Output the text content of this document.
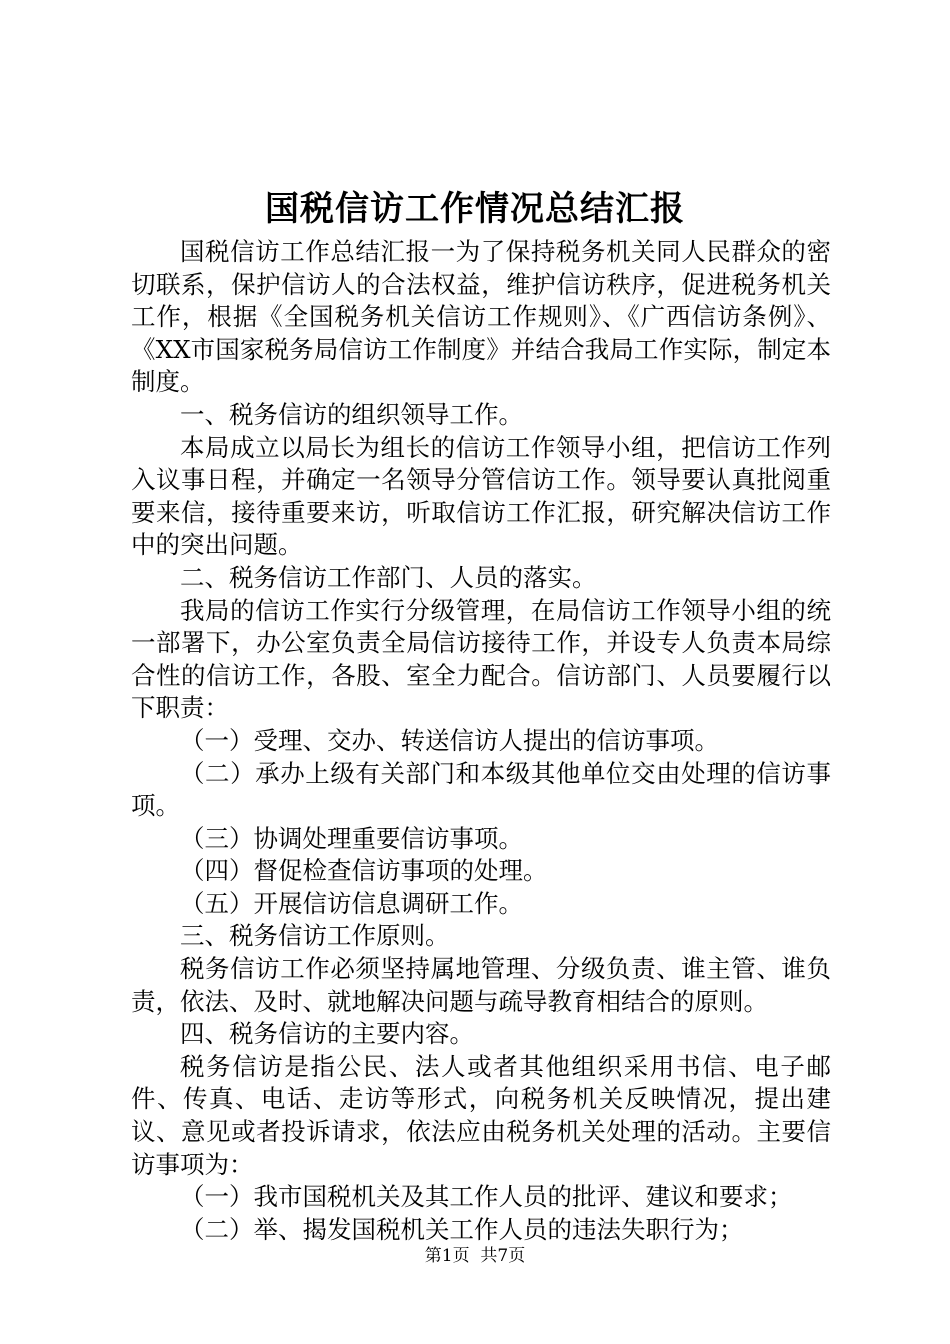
国税信访工作情况总结汇报

国税信访工作总结汇报一为了保持税务机关同人民群众的密切联系，保护信访人的合法权益，维护信访秩序，促进税务机关工作，根据《全国税务机关信访工作规则》、《广西信访条例》、《XX市国家税务局信访工作制度》并结合我局工作实际，制定本制度。

一、税务信访的组织领导工作。

本局成立以局长为组长的信访工作领导小组，把信访工作列入议事日程，并确定一名领导分管信访工作。领导要认真批阅重要来信，接待重要来访，听取信访工作汇报，研究解决信访工作中的突出问题。

二、税务信访工作部门、人员的落实。

我局的信访工作实行分级管理，在局信访工作领导小组的统一部署下，办公室负责全局信访接待工作，并设专人负责本局综合性的信访工作，各股、室全力配合。信访部门、人员要履行以下职责：

（一）受理、交办、转送信访人提出的信访事项。

（二）承办上级有关部门和本级其他单位交由处理的信访事项。

（三）协调处理重要信访事项。

（四）督促检查信访事项的处理。

（五）开展信访信息调研工作。

三、税务信访工作原则。

税务信访工作必须坚持属地管理、分级负责、谁主管、谁负责，依法、及时、就地解决问题与疏导教育相结合的原则。

四、税务信访的主要内容。

税务信访是指公民、法人或者其他组织采用书信、电子邮件、传真、电话、走访等形式，向税务机关反映情况，提出建议、意见或者投诉请求，依法应由税务机关处理的活动。主要信访事项为：

（一）我市国税机关及其工作人员的批评、建议和要求；

（二）举、揭发国税机关工作人员的违法失职行为；

第1页 共7页
